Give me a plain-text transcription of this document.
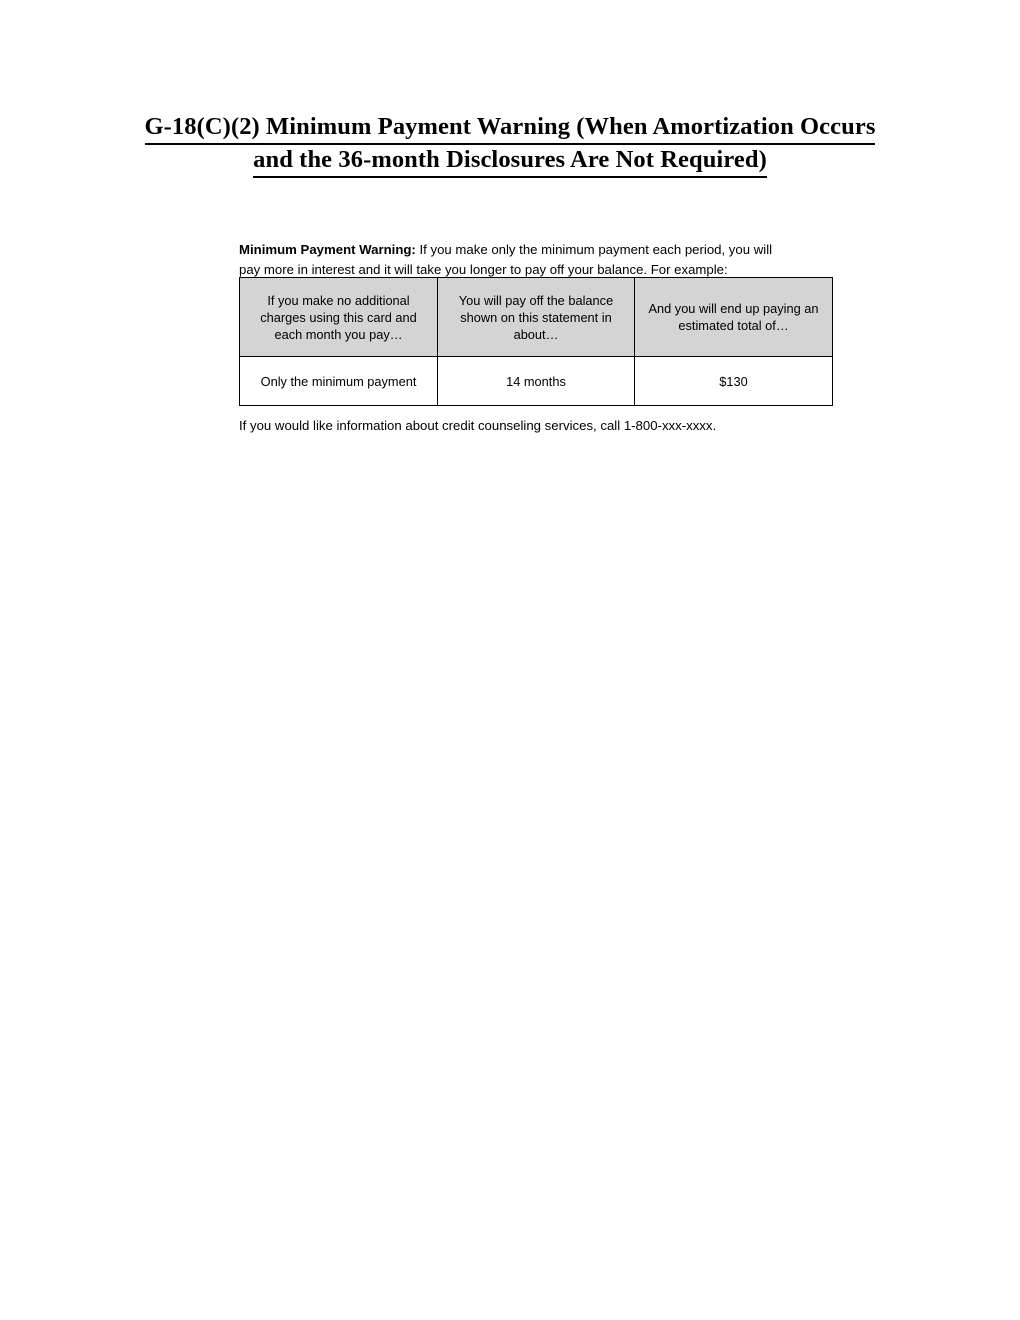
G-18(C)(2) Minimum Payment Warning (When Amortization Occurs
and the 36-month Disclosures Are Not Required)

Minimum Payment Warning: If you make only the minimum payment each period, you will pay more in interest and it will take you longer to pay off your balance. For example:

If you make no additional charges using this card and each month you pay…	You will pay off the balance shown on this statement in about…	And you will end up paying an estimated total of…
Only the minimum payment	14 months	$130

If you would like information about credit counseling services, call 1-800-xxx-xxxx.
